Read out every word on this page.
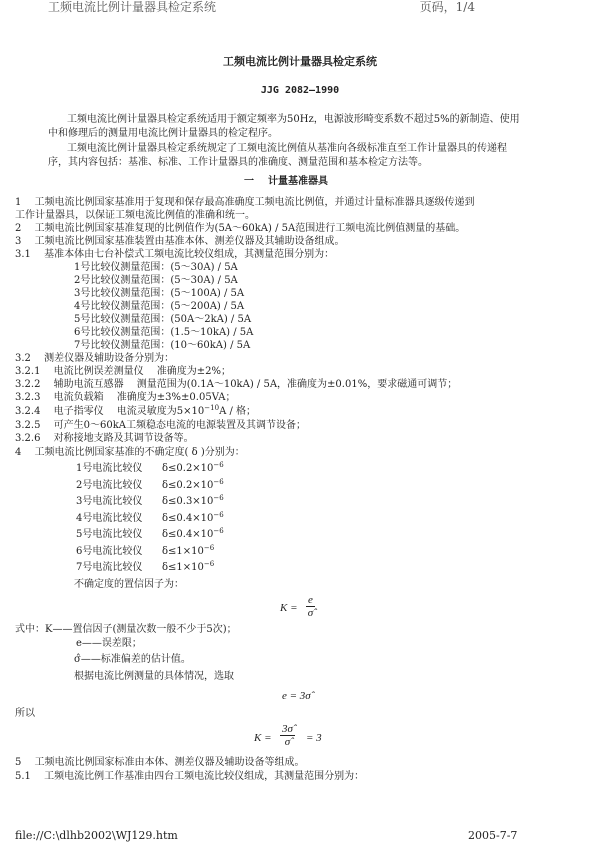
工频电流比例计量器具检定系统	页码，1/4
工频电流比例计量器具检定系统
JJG 2082—1990
工频电流比例计量器具检定系统适用于额定频率为50Hz，电源波形畸变系数不超过5%的新制造、使用
中和修理后的测量用电流比例计量器具的检定程序。
工频电流比例计量器具检定系统规定了工频电流比例值从基准向各级标准直至工作计量器具的传递程
序，其内容包括：基准、标准、工作计量器具的准确度、测量范围和基本检定方法等。
一 计量基准器具
1　 工频电流比例国家基准用于复现和保存最高准确度工频电流比例值，并通过计量标准器具逐级传递到
工作计量器具，以保证工频电流比例值的准确和统一。
2　 工频电流比例国家基准复现的比例值作为(5A～60kA) / 5A范围进行工频电流比例值测量的基础。
3　 工频电流比例国家基准装置由基准本体、测差仪器及其辅助设备组成。
3.1　 基准本体由七台补偿式工频电流比较仪组成，其测量范围分别为：
1号比较仪测量范围：(5～30A) / 5A
2号比较仪测量范围：(5～30A) / 5A
3号比较仪测量范围：(5～100A) / 5A
4号比较仪测量范围：(5～200A) / 5A
5号比较仪测量范围：(50A～2kA) / 5A
6号比较仪测量范围：(1.5～10kA) / 5A
7号比较仪测量范围：(10～60kA) / 5A
3.2　 测差仪器及辅助设备分别为：
3.2.1　 电流比例误差测量仪　 准确度为±2%；
3.2.2　 辅助电流互感器　 测量范围为(0.1A～10kA) / 5A，准确度为±0.01%，要求磁通可调节；
3.2.3　 电流负载箱　 准确度为±3%±0.05VA；
3.2.4　 电子指零仪　 电流灵敏度为$5\times 10^{-10}A$ / 格；
3.2.5　 可产生0～60kA工频稳态电流的电源装置及其调节设备；
3.2.6　 对称接地支路及其调节设备等。
4　 工频电流比例国家基准的不确定度( δ )分别为：
1号电流比较仪 $\delta\le 0.2\times 10^{-6}$
2号电流比较仪 $\delta\le 0.2\times 10^{-6}$
3号电流比较仪 $\delta\le 0.3\times 10^{-6}$
4号电流比较仪 $\delta\le 0.4\times 10^{-6}$
5号电流比较仪 $\delta\le 0.4\times 10^{-6}$
6号电流比较仪 $\delta\le 1\times 10^{-6}$
7号电流比较仪 $\delta\le 1\times 10^{-6}$
不确定度的置信因子为：
$K = \frac{e}{\sigmâ}$
式中：K——置信因子(测量次数一般不少于5次)；
e——误差限；
σ̂——标准偏差的估计值。
根据电流比例测量的具体情况，选取
e = 3σ̂
所以
$K = \frac{3\sigmâ}{\sigmâ} = 3$
5　 工频电流比例国家标准由本体、测差仪器及辅助设备等组成。
5.1　 工频电流比例工作基准由四台工频电流比较仪组成，其测量范围分别为：
file://C:\dlhb2002\WJ129.htm	2005-7-7
